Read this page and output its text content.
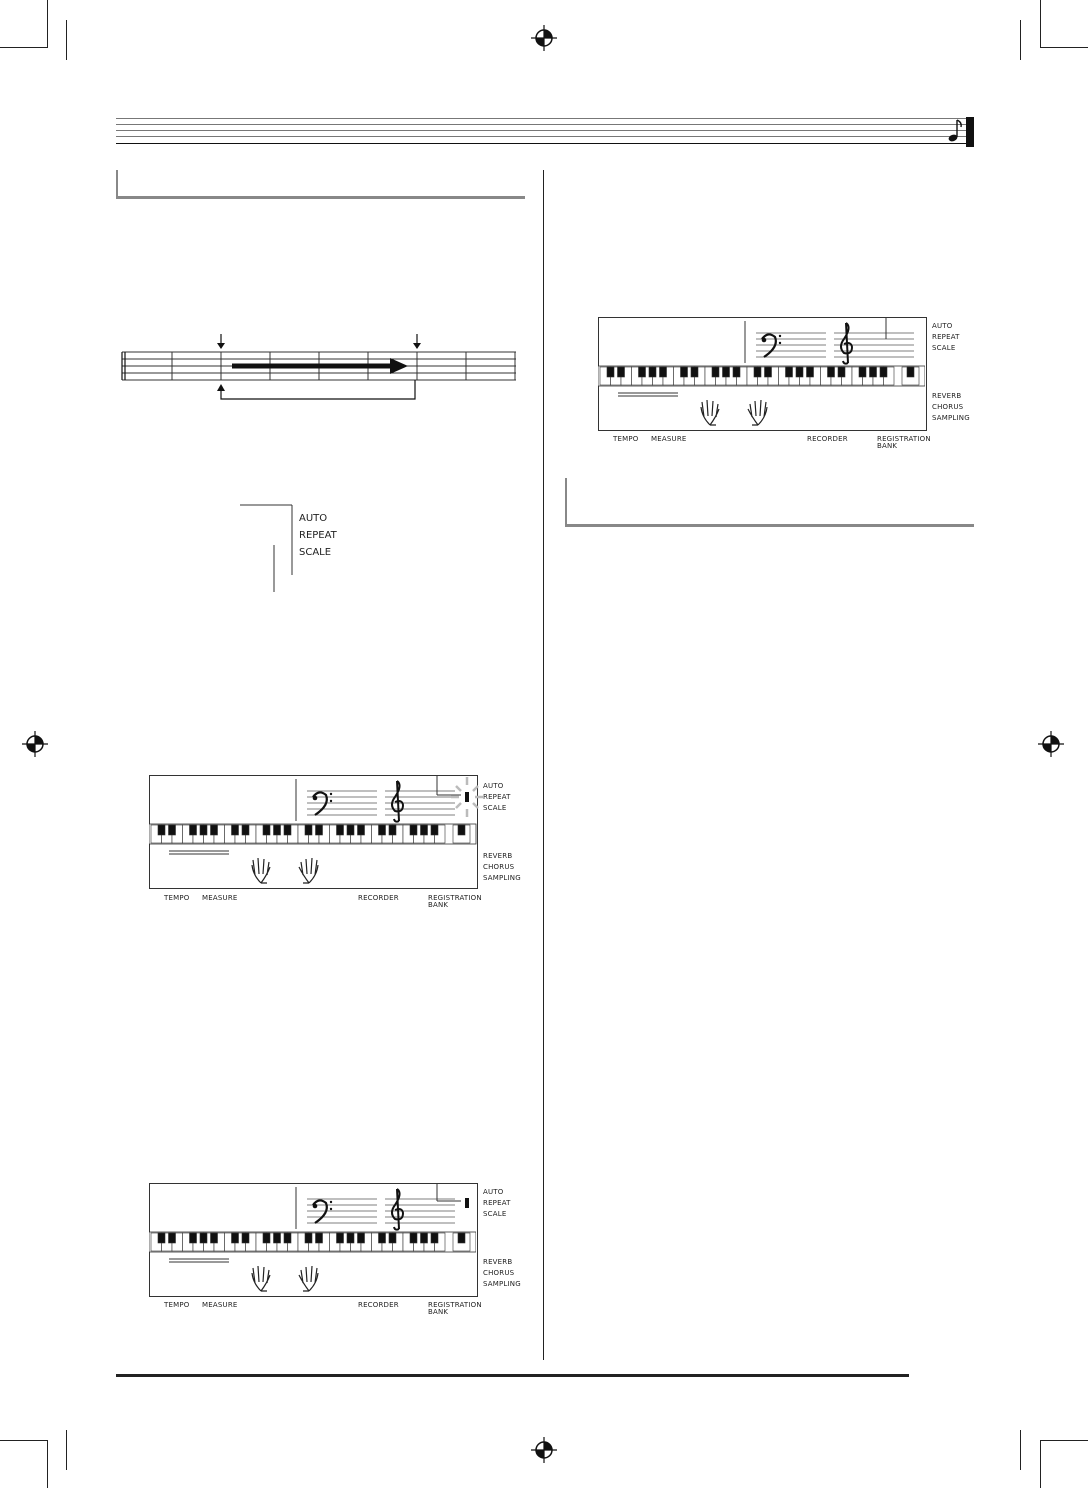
AUTO
REPEAT
SCALE
AUTO
REPEAT
SCALE
REVERB
CHORUS
SAMPLING
TEMPO MEASURE	RECORDER	REGISTRATION
BANK
AUTO
REPEAT
SCALE
REVERB
CHORUS
SAMPLING
TEMPO MEASURE	RECORDER	REGISTRATION
BANK
AUTO
REPEAT
SCALE
REVERB
CHORUS
SAMPLING
TEMPO MEASURE	RECORDER	REGISTRATION
BANK
